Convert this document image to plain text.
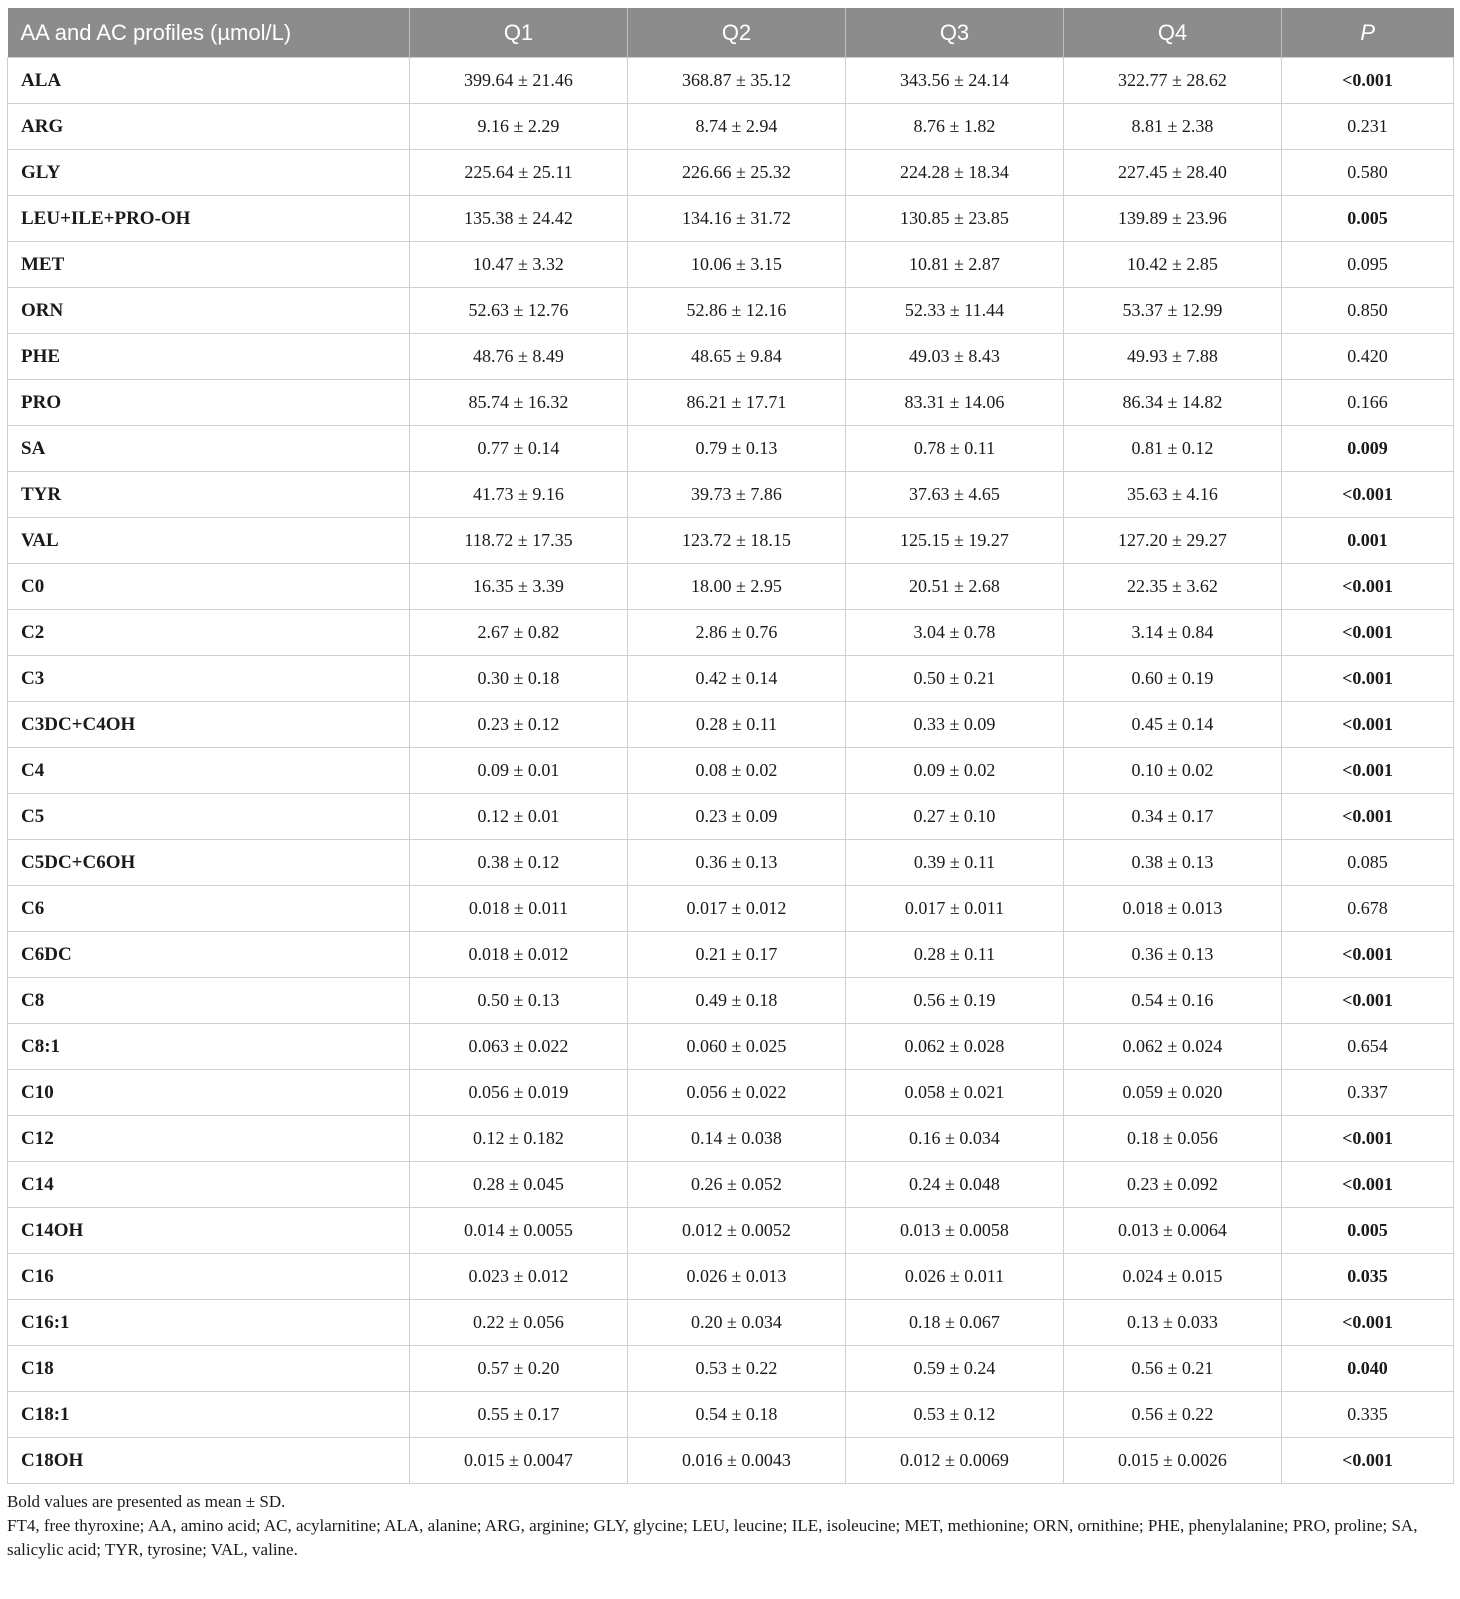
AA and AC profiles (µmol/L)	Q1	Q2	Q3	Q4	P
ALA	399.64 ± 21.46	368.87 ± 35.12	343.56 ± 24.14	322.77 ± 28.62	<0.001
ARG	9.16 ± 2.29	8.74 ± 2.94	8.76 ± 1.82	8.81 ± 2.38	0.231
GLY	225.64 ± 25.11	226.66 ± 25.32	224.28 ± 18.34	227.45 ± 28.40	0.580
LEU+ILE+PRO-OH	135.38 ± 24.42	134.16 ± 31.72	130.85 ± 23.85	139.89 ± 23.96	0.005
MET	10.47 ± 3.32	10.06 ± 3.15	10.81 ± 2.87	10.42 ± 2.85	0.095
ORN	52.63 ± 12.76	52.86 ± 12.16	52.33 ± 11.44	53.37 ± 12.99	0.850
PHE	48.76 ± 8.49	48.65 ± 9.84	49.03 ± 8.43	49.93 ± 7.88	0.420
PRO	85.74 ± 16.32	86.21 ± 17.71	83.31 ± 14.06	86.34 ± 14.82	0.166
SA	0.77 ± 0.14	0.79 ± 0.13	0.78 ± 0.11	0.81 ± 0.12	0.009
TYR	41.73 ± 9.16	39.73 ± 7.86	37.63 ± 4.65	35.63 ± 4.16	<0.001
VAL	118.72 ± 17.35	123.72 ± 18.15	125.15 ± 19.27	127.20 ± 29.27	0.001
C0	16.35 ± 3.39	18.00 ± 2.95	20.51 ± 2.68	22.35 ± 3.62	<0.001
C2	2.67 ± 0.82	2.86 ± 0.76	3.04 ± 0.78	3.14 ± 0.84	<0.001
C3	0.30 ± 0.18	0.42 ± 0.14	0.50 ± 0.21	0.60 ± 0.19	<0.001
C3DC+C4OH	0.23 ± 0.12	0.28 ± 0.11	0.33 ± 0.09	0.45 ± 0.14	<0.001
C4	0.09 ± 0.01	0.08 ± 0.02	0.09 ± 0.02	0.10 ± 0.02	<0.001
C5	0.12 ± 0.01	0.23 ± 0.09	0.27 ± 0.10	0.34 ± 0.17	<0.001
C5DC+C6OH	0.38 ± 0.12	0.36 ± 0.13	0.39 ± 0.11	0.38 ± 0.13	0.085
C6	0.018 ± 0.011	0.017 ± 0.012	0.017 ± 0.011	0.018 ± 0.013	0.678
C6DC	0.018 ± 0.012	0.21 ± 0.17	0.28 ± 0.11	0.36 ± 0.13	<0.001
C8	0.50 ± 0.13	0.49 ± 0.18	0.56 ± 0.19	0.54 ± 0.16	<0.001
C8:1	0.063 ± 0.022	0.060 ± 0.025	0.062 ± 0.028	0.062 ± 0.024	0.654
C10	0.056 ± 0.019	0.056 ± 0.022	0.058 ± 0.021	0.059 ± 0.020	0.337
C12	0.12 ± 0.182	0.14 ± 0.038	0.16 ± 0.034	0.18 ± 0.056	<0.001
C14	0.28 ± 0.045	0.26 ± 0.052	0.24 ± 0.048	0.23 ± 0.092	<0.001
C14OH	0.014 ± 0.0055	0.012 ± 0.0052	0.013 ± 0.0058	0.013 ± 0.0064	0.005
C16	0.023 ± 0.012	0.026 ± 0.013	0.026 ± 0.011	0.024 ± 0.015	0.035
C16:1	0.22 ± 0.056	0.20 ± 0.034	0.18 ± 0.067	0.13 ± 0.033	<0.001
C18	0.57 ± 0.20	0.53 ± 0.22	0.59 ± 0.24	0.56 ± 0.21	0.040
C18:1	0.55 ± 0.17	0.54 ± 0.18	0.53 ± 0.12	0.56 ± 0.22	0.335
C18OH	0.015 ± 0.0047	0.016 ± 0.0043	0.012 ± 0.0069	0.015 ± 0.0026	<0.001

Bold values are presented as mean ± SD.

FT4, free thyroxine; AA, amino acid; AC, acylarnitine; ALA, alanine; ARG, arginine; GLY, glycine; LEU, leucine; ILE, isoleucine; MET, methionine; ORN, ornithine; PHE, phenylalanine; PRO, proline; SA, salicylic acid; TYR, tyrosine; VAL, valine.
